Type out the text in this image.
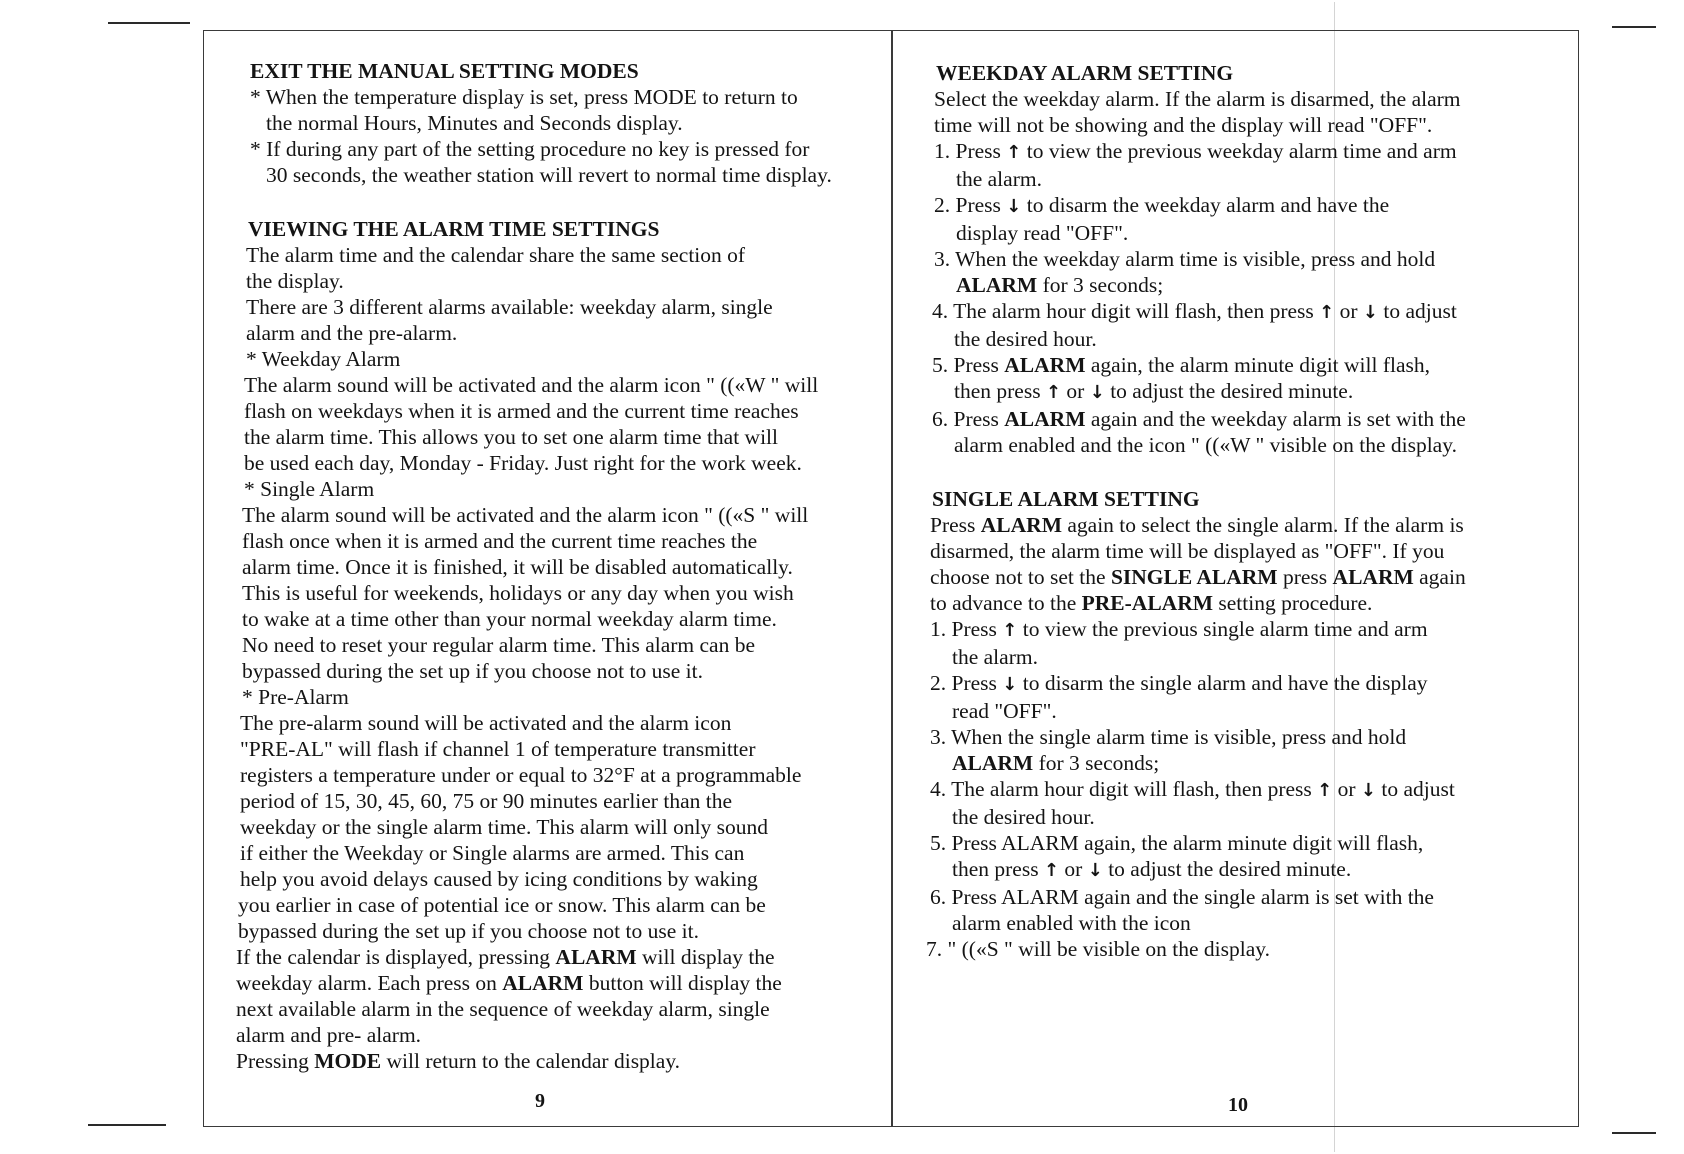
EXIT THE MANUAL SETTING MODES

* When the temperature display is set, press MODE to return to

the normal Hours, Minutes and Seconds display.

* If during any part of the setting procedure no key is pressed for

30 seconds, the weather station will revert to normal time display.

VIEWING THE ALARM TIME SETTINGS

The alarm time and the calendar share the same section of

the display.

There are 3 different alarms available: weekday alarm, single

alarm and the pre-alarm.

* Weekday Alarm

The alarm sound will be activated and the alarm icon " ((«W " will

flash on weekdays when it is armed and the current time reaches

the alarm time. This allows you to set one alarm time that will

be used each day, Monday - Friday. Just right for the work week.

* Single Alarm

The alarm sound will be activated and the alarm icon " ((«S " will

flash once when it is armed and the current time reaches the

alarm time. Once it is finished, it will be disabled automatically.

This is useful for weekends, holidays or any day when you wish

to wake at a time other than your normal weekday alarm time.

No need to reset your regular alarm time. This alarm can be

bypassed during the set up if you choose not to use it.

* Pre-Alarm

The pre-alarm sound will be activated and the alarm icon

"PRE-AL" will flash if channel 1 of temperature transmitter

registers a temperature under or equal to 32°F at a programmable

period of 15, 30, 45, 60, 75 or 90 minutes earlier than the

weekday or the single alarm time. This alarm will only sound

if either the Weekday or Single alarms are armed. This can

help you avoid delays caused by icing conditions by waking

you earlier in case of potential ice or snow. This alarm can be

bypassed during the set up if you choose not to use it.

If the calendar is displayed, pressing ALARM will display the

weekday alarm. Each press on ALARM button will display the

next available alarm in the sequence of weekday alarm, single

alarm and pre- alarm.

Pressing MODE will return to the calendar display.

9

WEEKDAY ALARM SETTING

Select the weekday alarm. If the alarm is disarmed, the alarm

time will not be showing and the display will read "OFF".

1. Press ↑ to view the previous weekday alarm time and arm

the alarm.

2. Press ↓ to disarm the weekday alarm and have the

display read "OFF".

3. When the weekday alarm time is visible, press and hold

ALARM for 3 seconds;

4. The alarm hour digit will flash, then press ↑ or ↓ to adjust

the desired hour.

5. Press ALARM again, the alarm minute digit will flash,

then press ↑ or ↓ to adjust the desired minute.

6. Press ALARM again and the weekday alarm is set with the

alarm enabled and the icon " ((«W " visible on the display.

SINGLE ALARM SETTING

Press ALARM again to select the single alarm. If the alarm is

disarmed, the alarm time will be displayed as "OFF". If you

choose not to set the SINGLE ALARM press ALARM again

to advance to the PRE-ALARM setting procedure.

1. Press ↑ to view the previous single alarm time and arm

the alarm.

2. Press ↓ to disarm the single alarm and have the display

read "OFF".

3. When the single alarm time is visible, press and hold

ALARM for 3 seconds;

4. The alarm hour digit will flash, then press ↑ or ↓ to adjust

the desired hour.

5. Press ALARM again, the alarm minute digit will flash,

then press ↑ or ↓ to adjust the desired minute.

6. Press ALARM again and the single alarm is set with the

alarm enabled with the icon

7. " ((«S " will be visible on the display.

10
